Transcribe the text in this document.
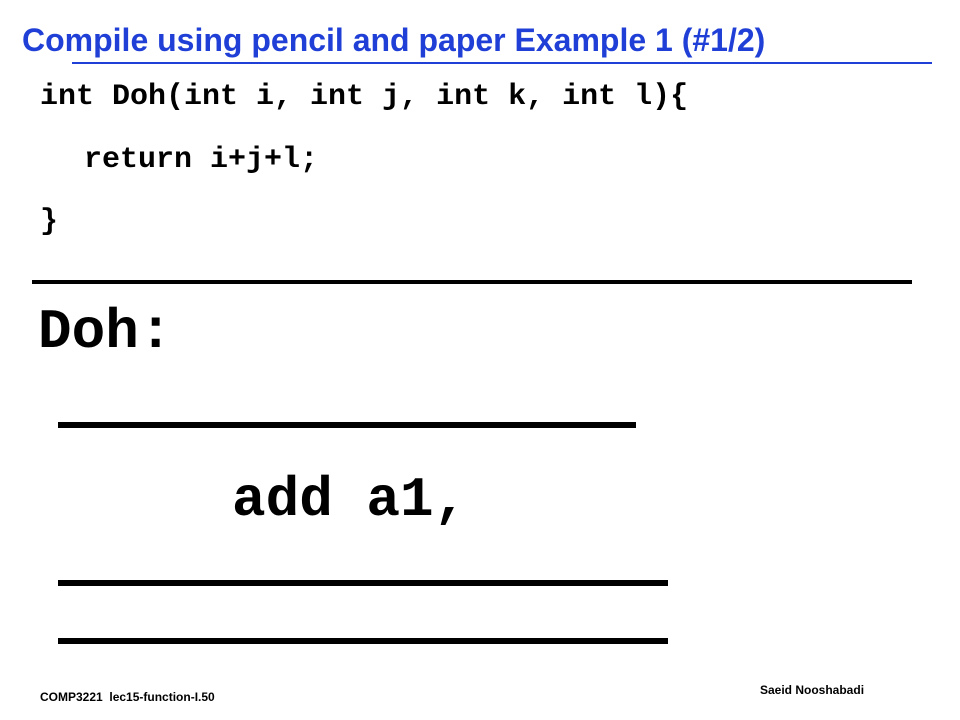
Compile using pencil and paper Example 1 (#1/2)
int Doh(int i, int j, int k, int l){
return i+j+l;
}
Doh:
add a1,
COMP3221  lec15-function-I.50	Saeid Nooshabadi
